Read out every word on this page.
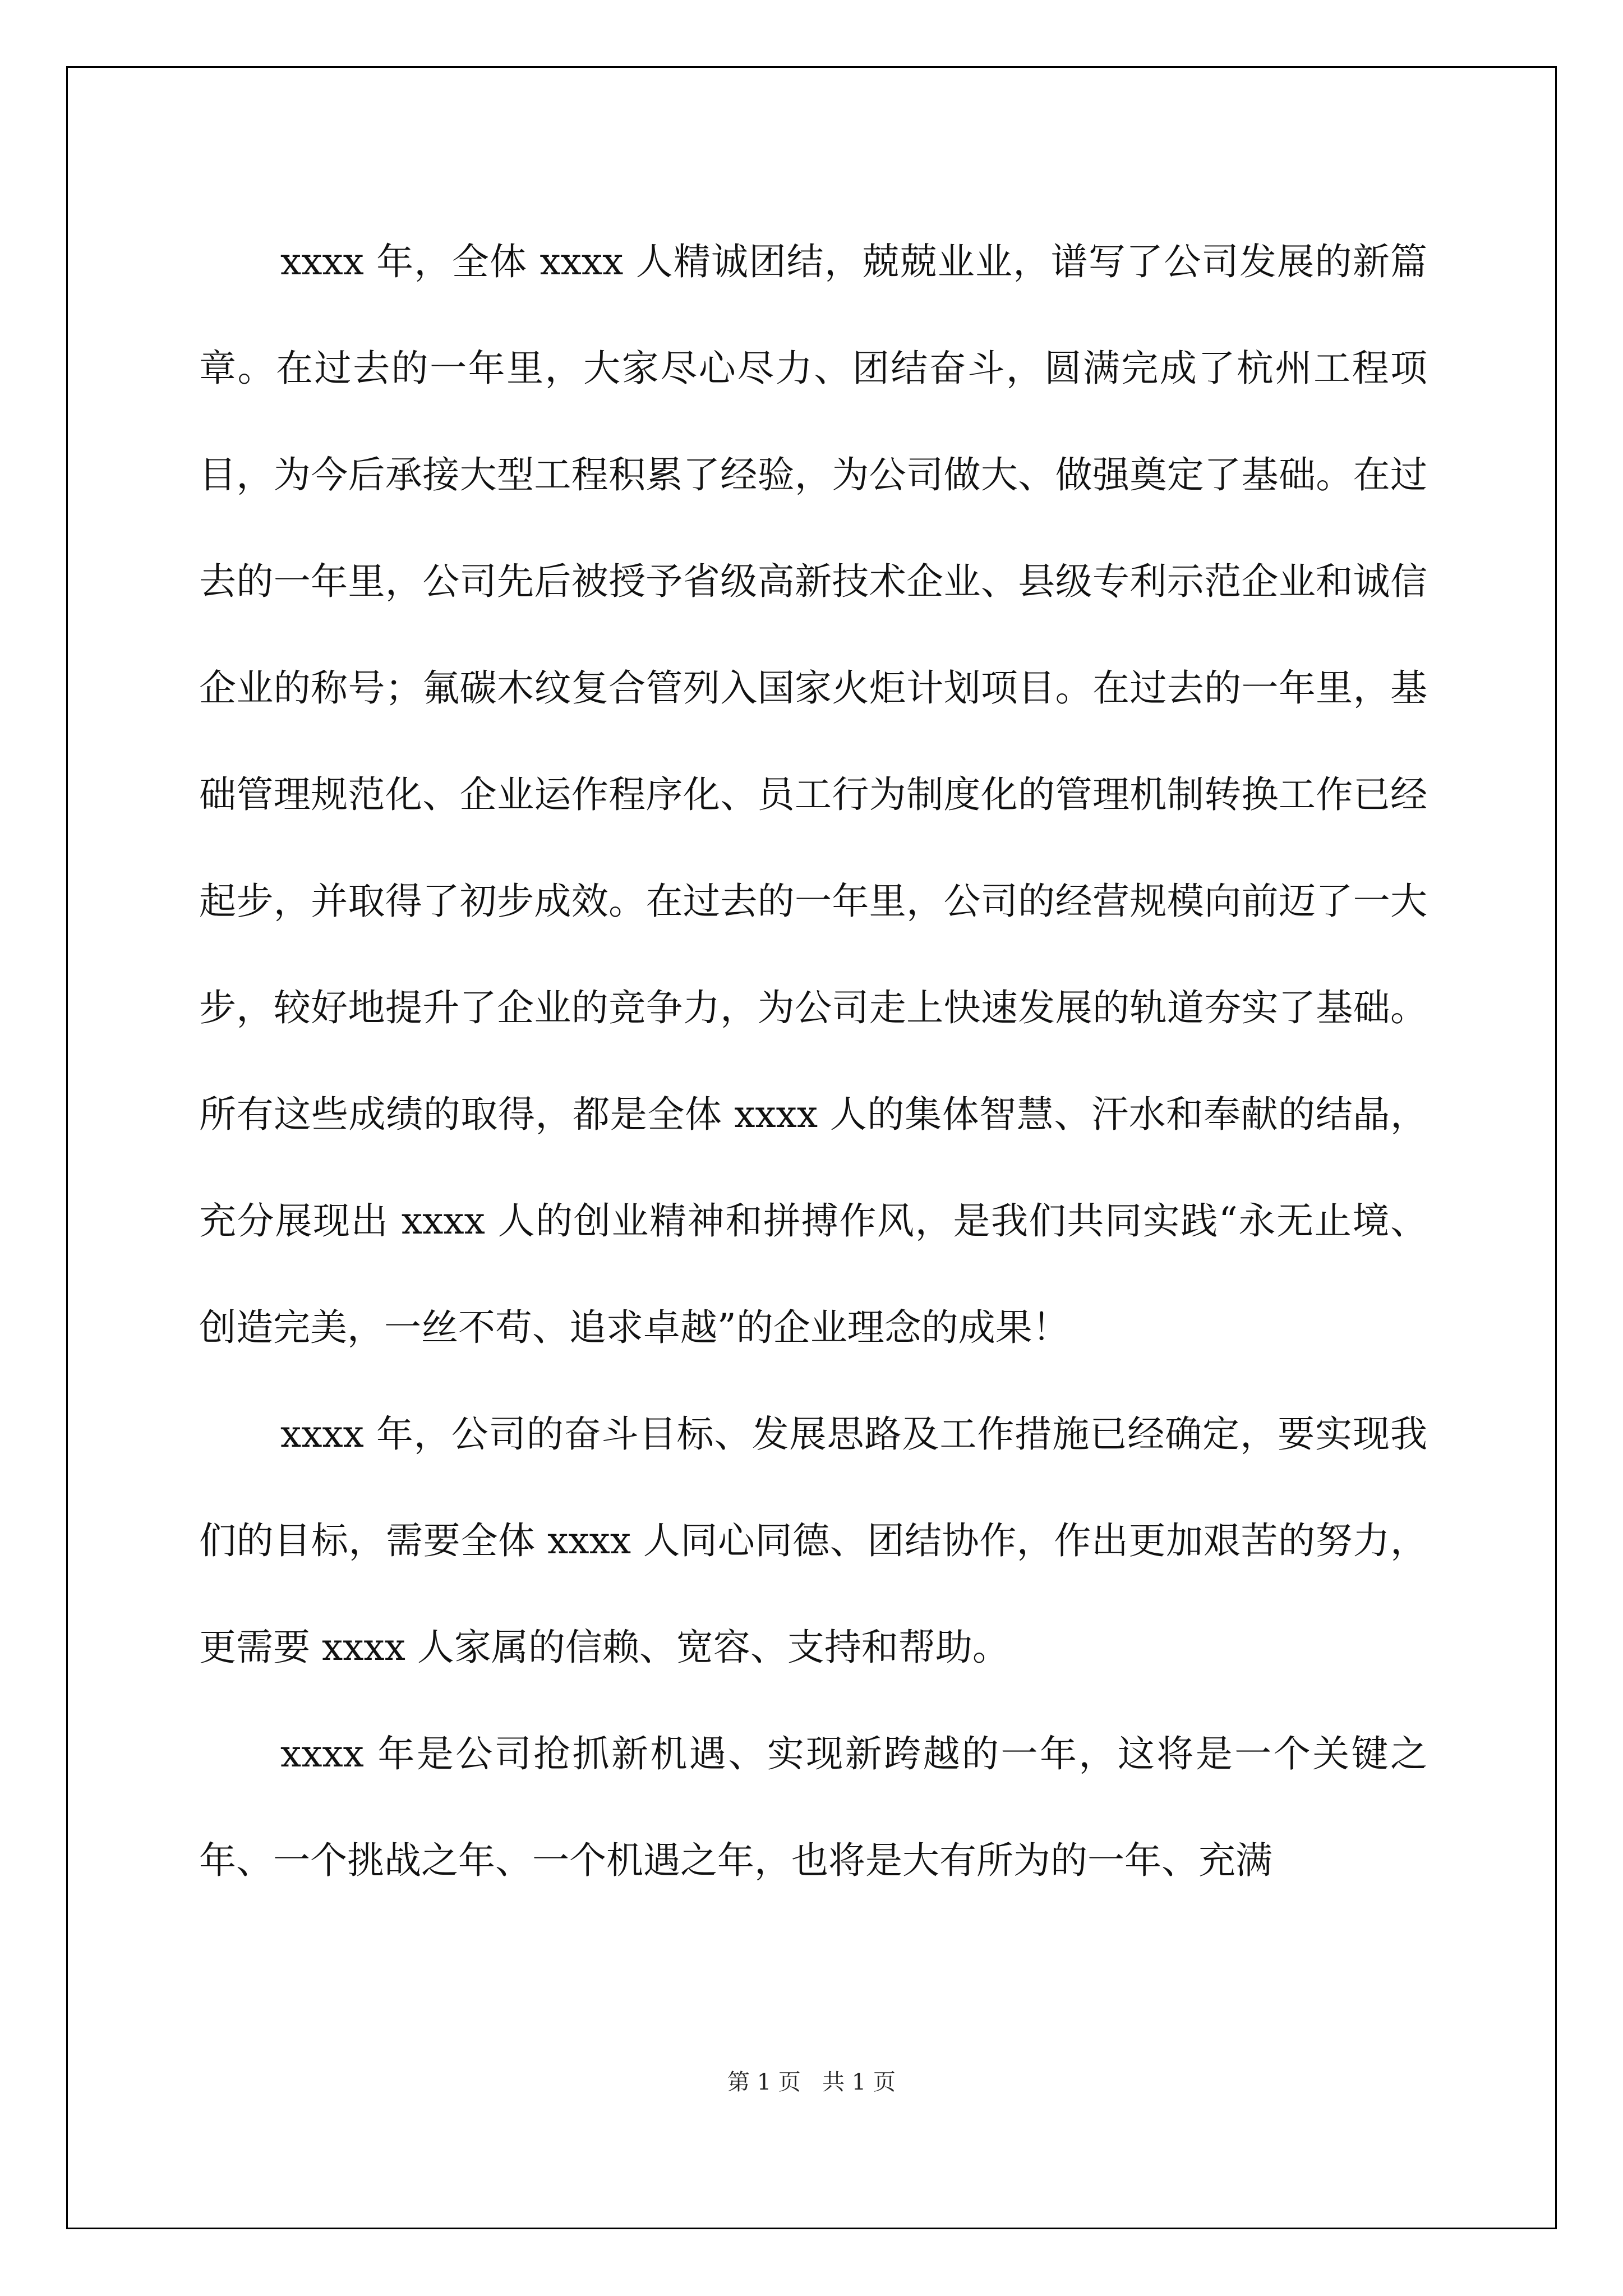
xxxx 年，全体 xxxx 人精诚团结，兢兢业业，谱写了公司发展的新篇章。在过去的一年里，大家尽心尽力、团结奋斗，圆满完成了杭州工程项目，为今后承接大型工程积累了经验，为公司做大、做强奠定了基础。在过去的一年里，公司先后被授予省级高新技术企业、县级专利示范企业和诚信企业的称号；氟碳木纹复合管列入国家火炬计划项目。在过去的一年里，基础管理规范化、企业运作程序化、员工行为制度化的管理机制转换工作已经起步，并取得了初步成效。在过去的一年里，公司的经营规模向前迈了一大步，较好地提升了企业的竞争力，为公司走上快速发展的轨道夯实了基础。所有这些成绩的取得，都是全体 xxxx 人的集体智慧、汗水和奉献的结晶，充分展现出 xxxx 人的创业精神和拼搏作风，是我们共同实践“永无止境、创造完美，一丝不苟、追求卓越”的企业理念的成果！

xxxx 年，公司的奋斗目标、发展思路及工作措施已经确定，要实现我们的目标，需要全体 xxxx 人同心同德、团结协作，作出更加艰苦的努力，更需要 xxxx 人家属的信赖、宽容、支持和帮助。

xxxx 年是公司抢抓新机遇、实现新跨越的一年，这将是一个关键之年、一个挑战之年、一个机遇之年，也将是大有所为的一年、充满

第 1 页   共 1 页
